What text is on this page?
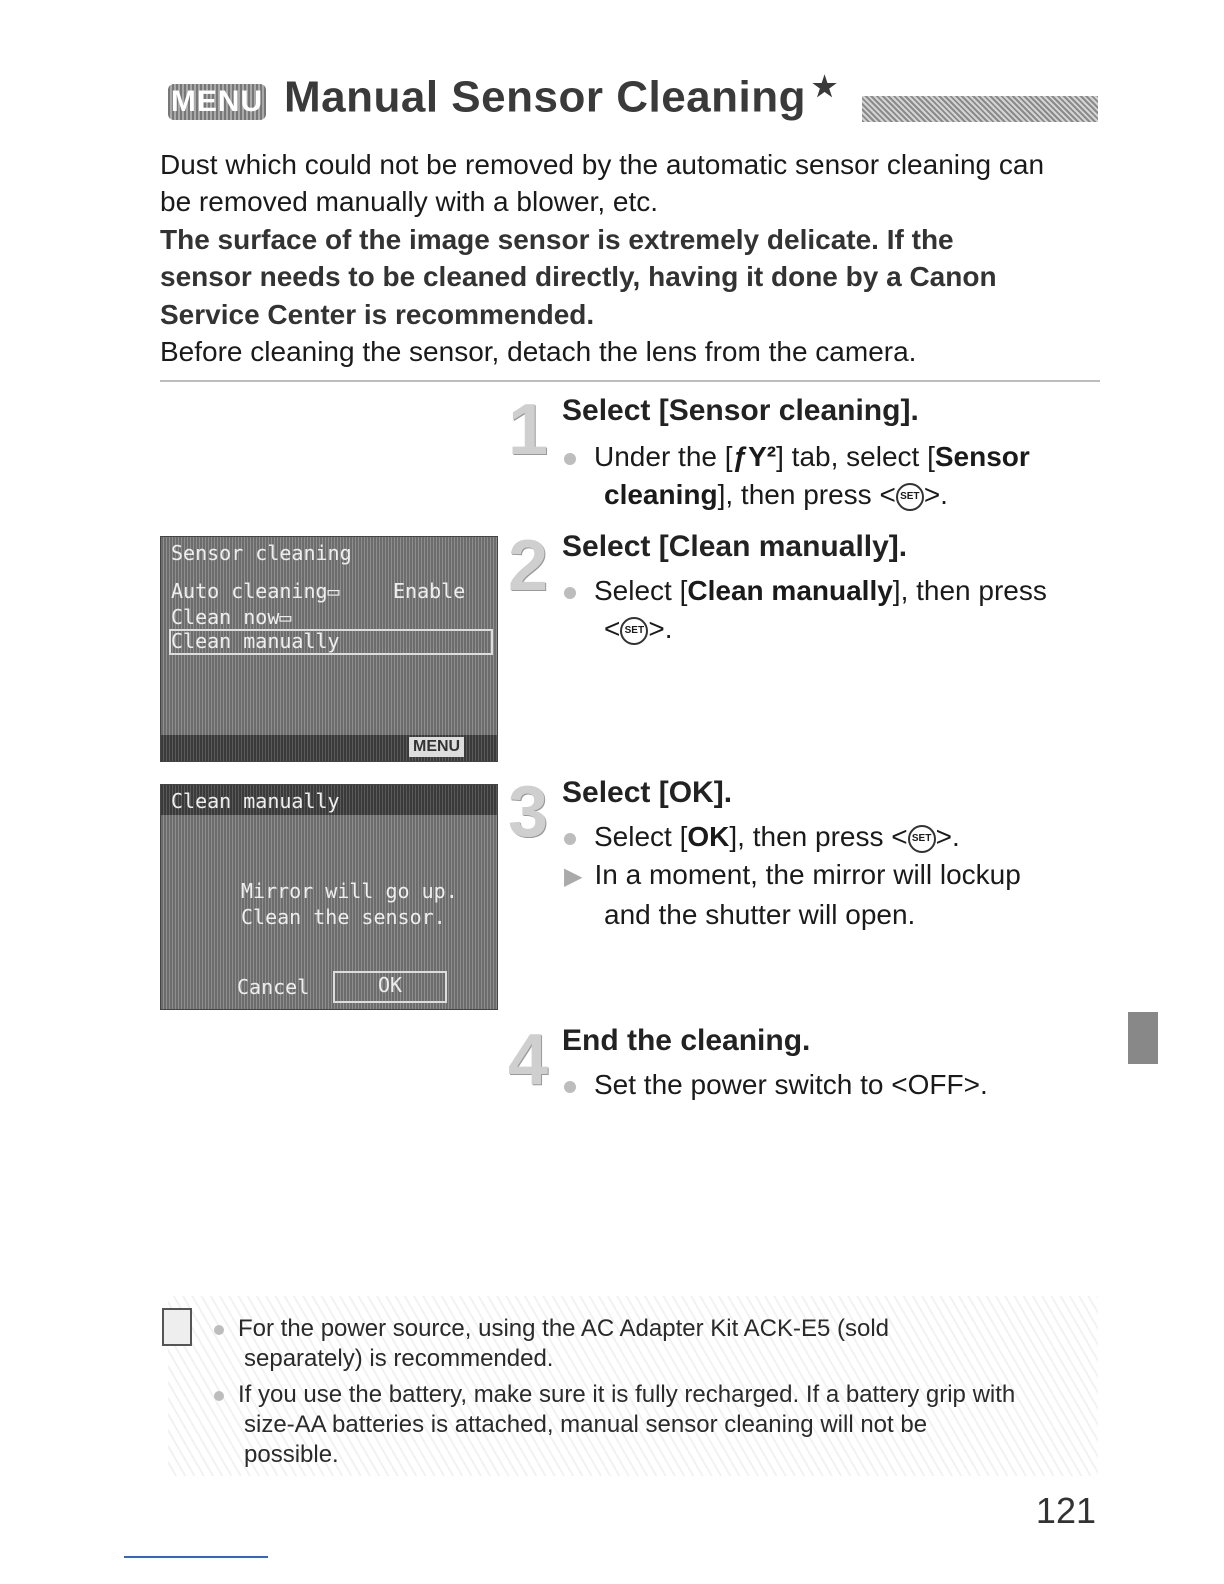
MENU Manual Sensor Cleaning ★
Dust which could not be removed by the automatic sensor cleaning can
be removed manually with a blower, etc.
The surface of the image sensor is extremely delicate. If the
sensor needs to be cleaned directly, having it done by a Canon
Service Center is recommended.
Before cleaning the sensor, detach the lens from the camera.
1 Select [Sensor cleaning].
Under the [ƒY²] tab, select [Sensor
cleaning], then press < SET >.
2 Select [Clean manually].
Select [Clean manually], then press
< SET >.
Sensor cleaning
Auto cleaning▭	Enable
Clean now▭
Clean manually
MENU
3 Select [OK].
Select [OK], then press < SET >.
▶ In a moment, the mirror will lockup
and the shutter will open.
Clean manually
Mirror will go up.
Clean the sensor.
Cancel	OK
4 End the cleaning.
Set the power switch to <OFF>.
For the power source, using the AC Adapter Kit ACK-E5 (sold
separately) is recommended.
If you use the battery, make sure it is fully recharged. If a battery grip with
size-AA batteries is attached, manual sensor cleaning will not be
possible.
121
